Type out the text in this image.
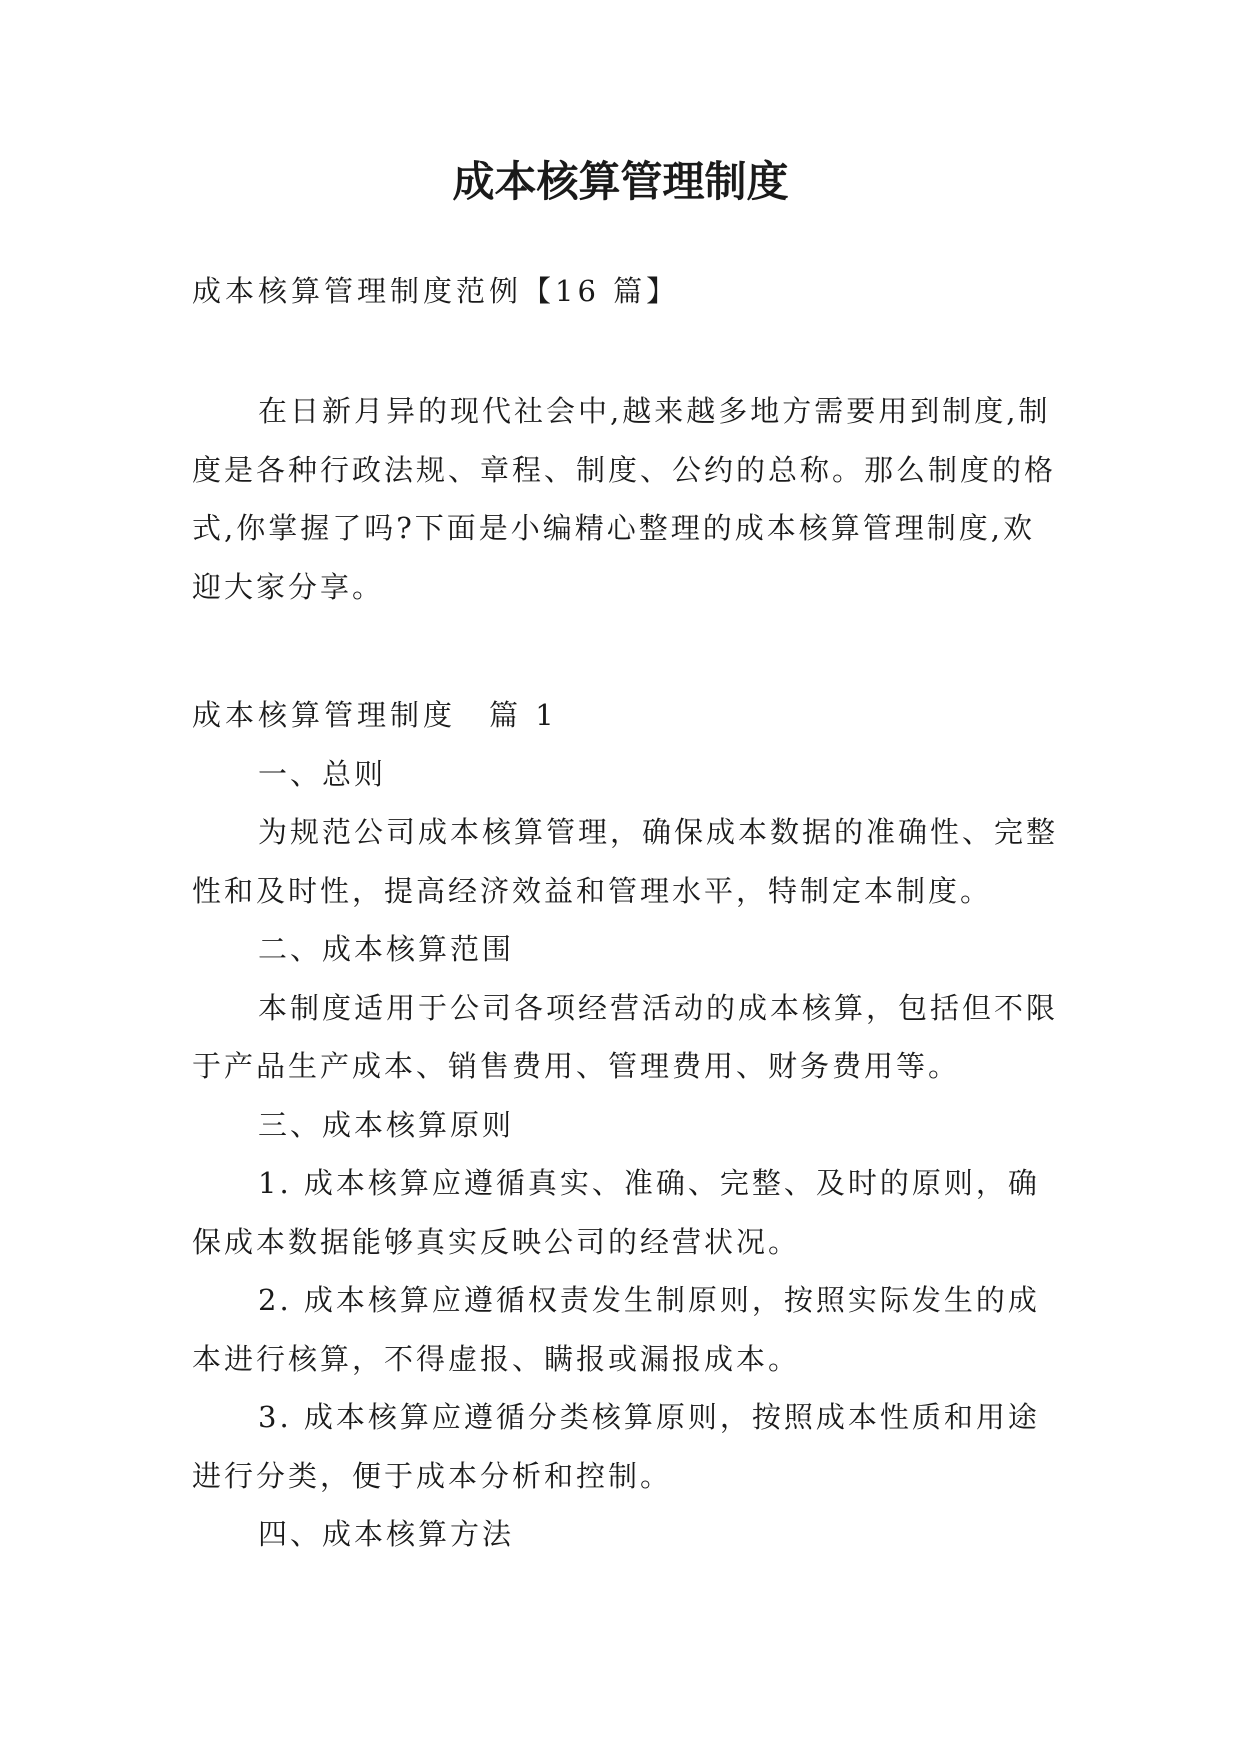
成本核算管理制度

成本核算管理制度范例【16 篇】

在日新月异的现代社会中,越来越多地方需要用到制度,制度是各种行政法规、章程、制度、公约的总称。那么制度的格式,你掌握了吗?下面是小编精心整理的成本核算管理制度,欢迎大家分享。

成本核算管理制度　篇 1

一、总则

为规范公司成本核算管理，确保成本数据的准确性、完整性和及时性，提高经济效益和管理水平，特制定本制度。

二、成本核算范围

本制度适用于公司各项经营活动的成本核算，包括但不限于产品生产成本、销售费用、管理费用、财务费用等。

三、成本核算原则

1. 成本核算应遵循真实、准确、完整、及时的原则，确保成本数据能够真实反映公司的经营状况。

2. 成本核算应遵循权责发生制原则，按照实际发生的成本进行核算，不得虚报、瞒报或漏报成本。

3. 成本核算应遵循分类核算原则，按照成本性质和用途进行分类，便于成本分析和控制。

四、成本核算方法
